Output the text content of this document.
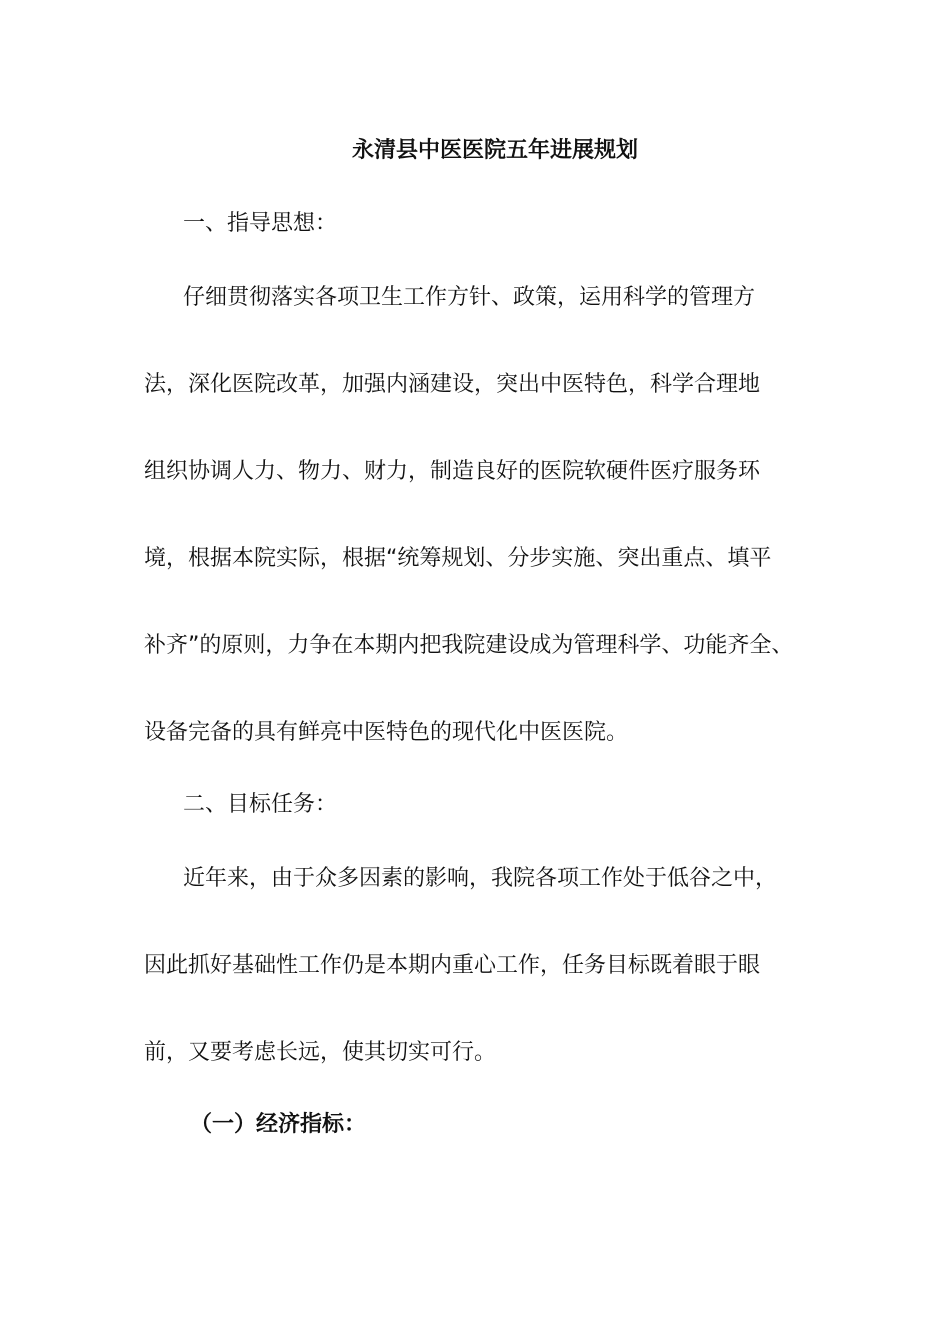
永清县中医医院五年进展规划
一、指导思想：
仔细贯彻落实各项卫生工作方针、政策，运用科学的管理方
法，深化医院改革，加强内涵建设，突出中医特色，科学合理地
组织协调人力、物力、财力，制造良好的医院软硬件医疗服务环
境，根据本院实际，根据“统筹规划、分步实施、突出重点、填平
补齐”的原则，力争在本期内把我院建设成为管理科学、功能齐全、
设备完备的具有鲜亮中医特色的现代化中医医院。
二、目标任务：
近年来，由于众多因素的影响，我院各项工作处于低谷之中，
因此抓好基础性工作仍是本期内重心工作，任务目标既着眼于眼
前，又要考虑长远，使其切实可行。
（一）经济指标：
